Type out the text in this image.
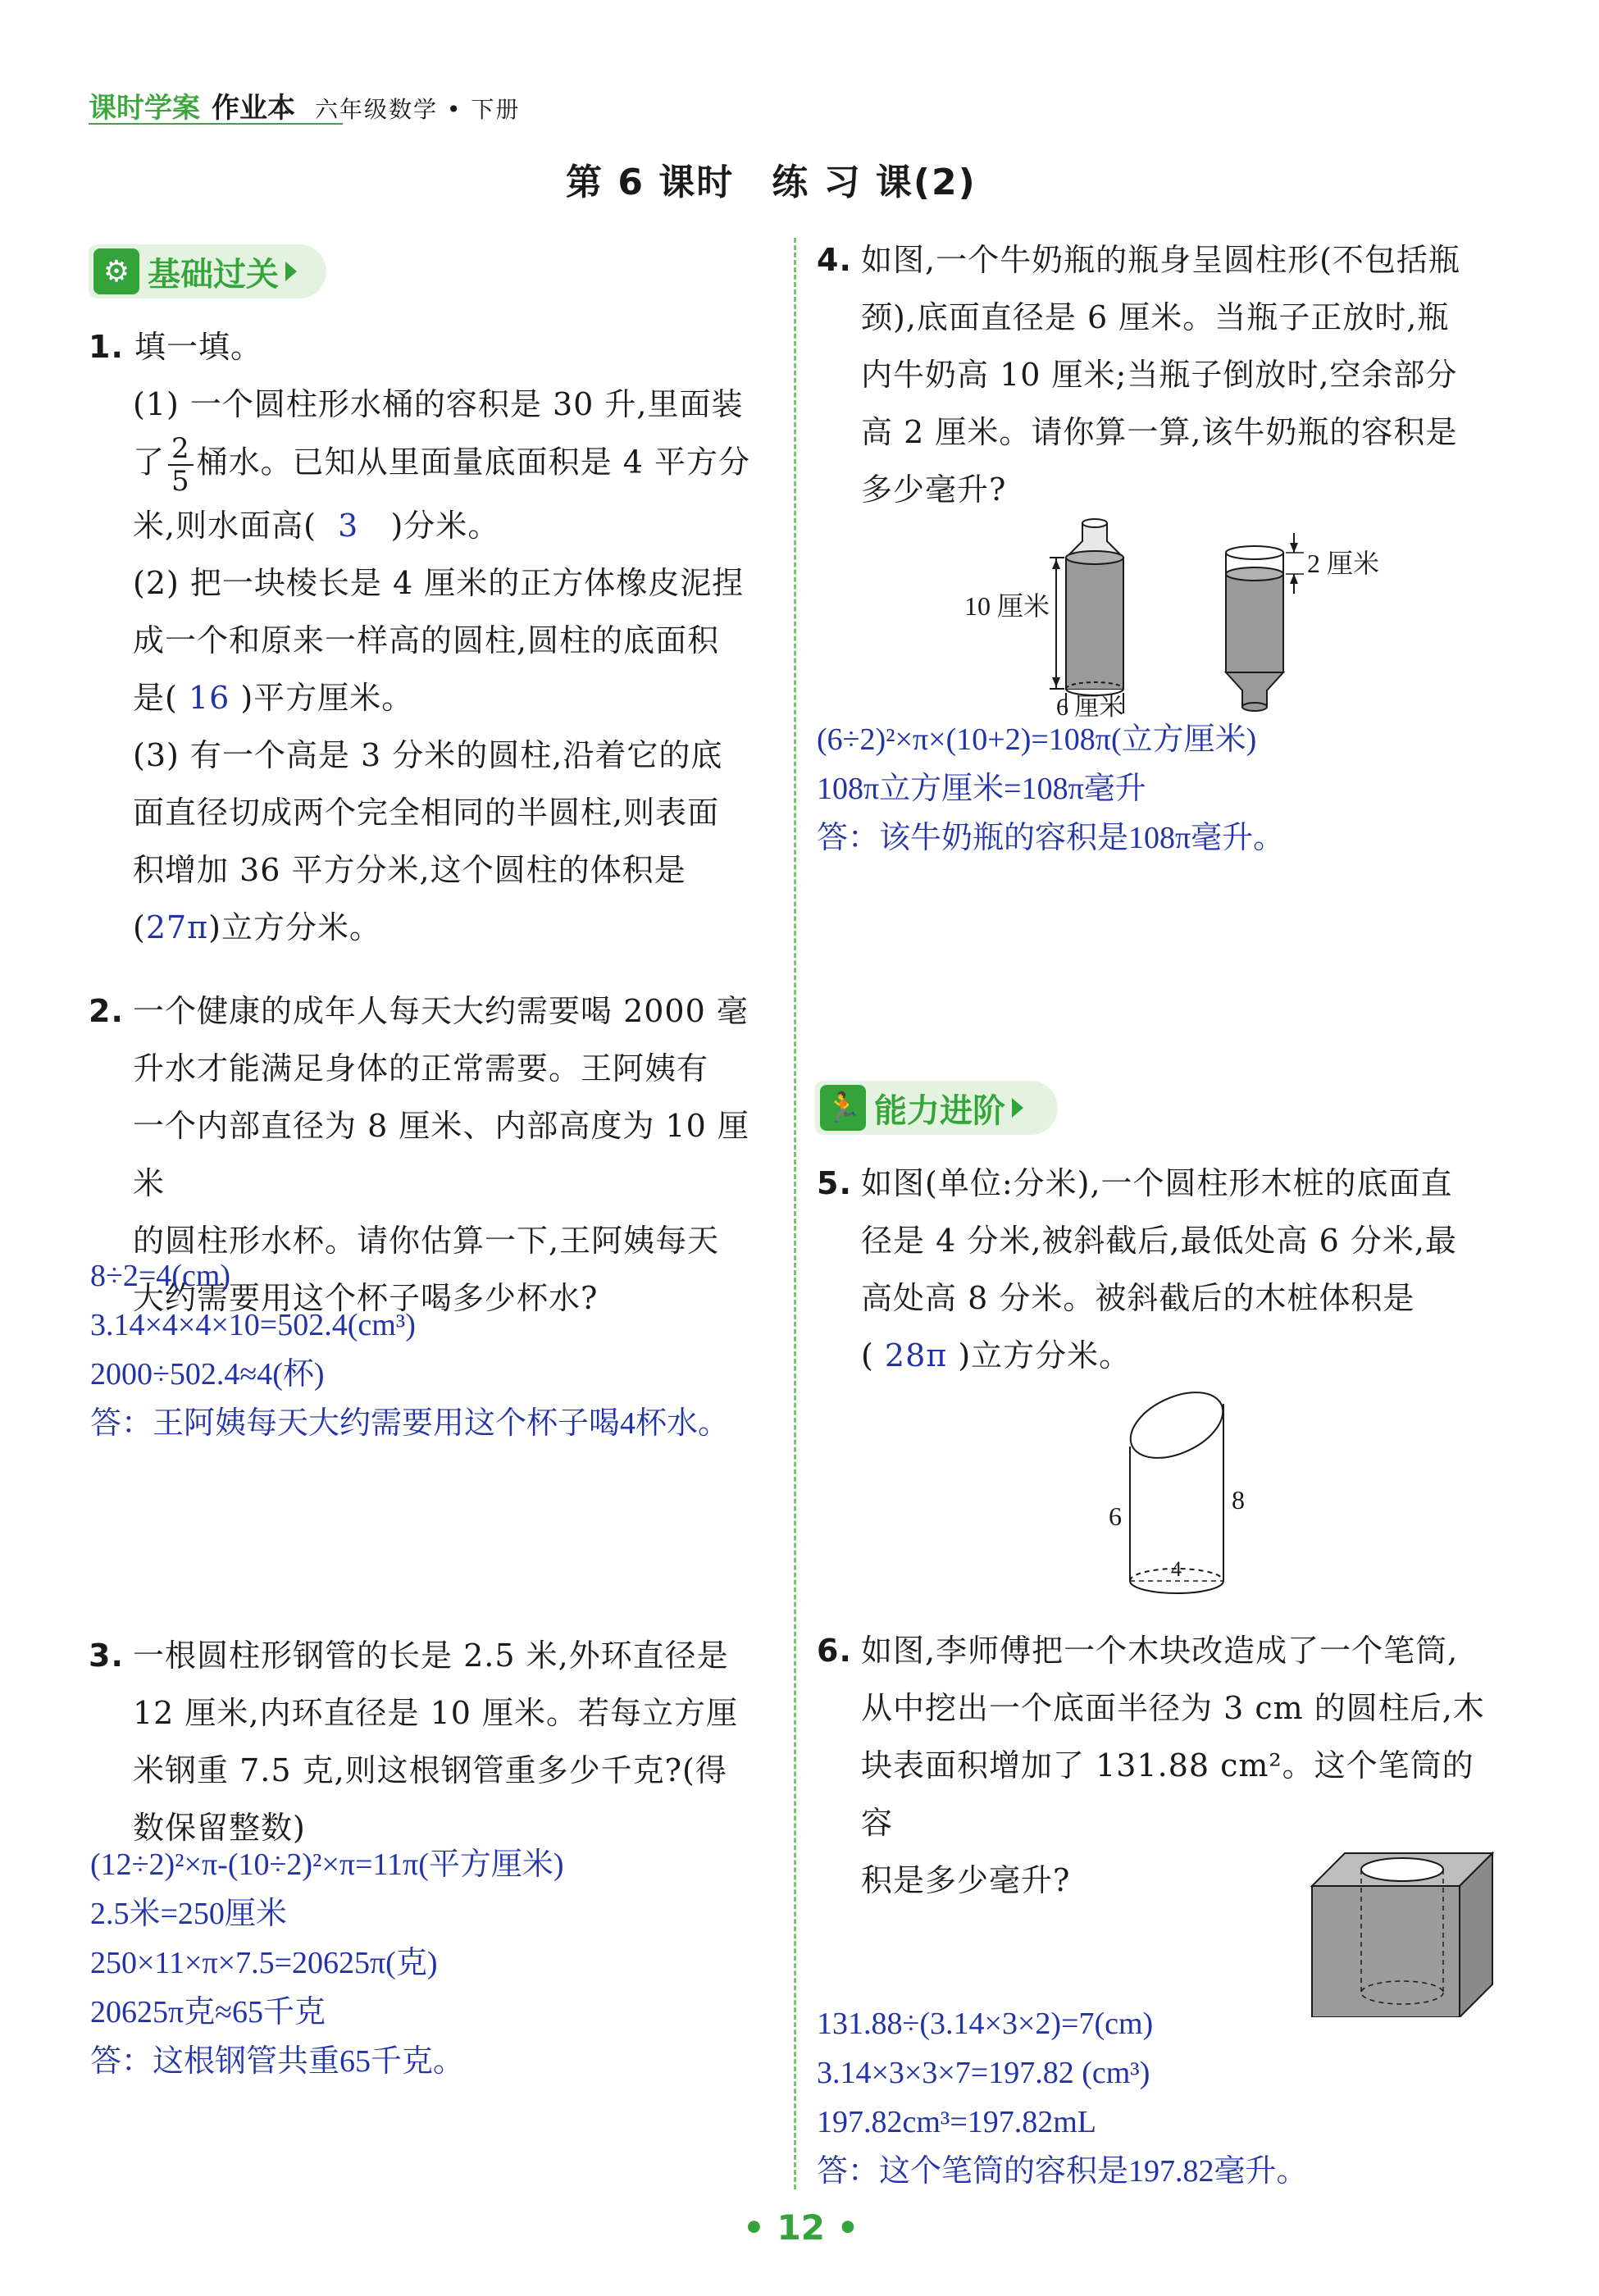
课时学案 作业本 六年级数学 • 下册
第 6 课时　练 习 课(2)
⚙ 基础过关
1. 填一填。
(1) 一个圆柱形水桶的容积是 30 升,里面装
了 $\frac{2}{5}$ 桶水。已知从里面量底面积是 4 平方分
米,则水面高( 3 )分米。
(2) 把一块棱长是 4 厘米的正方体橡皮泥捏
成一个和原来一样高的圆柱,圆柱的底面积
是( 16 )平方厘米。
(3) 有一个高是 3 分米的圆柱,沿着它的底
面直径切成两个完全相同的半圆柱,则表面
积增加 36 平方分米,这个圆柱的体积是
(27π)立方分米。
2. 一个健康的成年人每天大约需要喝 2000 毫
升水才能满足身体的正常需要。王阿姨有
一个内部直径为 8 厘米、内部高度为 10 厘米
的圆柱形水杯。请你估算一下,王阿姨每天
大约需要用这个杯子喝多少杯水?
8÷2=4(cm)
3.14×4×4×10=502.4(cm³)
2000÷502.4≈4(杯)
答：王阿姨每天大约需要用这个杯子喝4杯水。
3. 一根圆柱形钢管的长是 2.5 米,外环直径是
12 厘米,内环直径是 10 厘米。若每立方厘
米钢重 7.5 克,则这根钢管重多少千克?(得
数保留整数)
(12÷2)²×π-(10÷2)²×π=11π(平方厘米)
2.5米=250厘米
250×11×π×7.5=20625π(克)
20625π克≈65千克
答：这根钢管共重65千克。
4. 如图,一个牛奶瓶的瓶身呈圆柱形(不包括瓶
颈),底面直径是 6 厘米。当瓶子正放时,瓶
内牛奶高 10 厘米;当瓶子倒放时,空余部分
高 2 厘米。请你算一算,该牛奶瓶的容积是
多少毫升?
10 厘米
6 厘米
2 厘米
(6÷2)²×π×(10+2)=108π(立方厘米)
108π立方厘米=108π毫升
答：该牛奶瓶的容积是108π毫升。
🏃 能力进阶
5. 如图(单位:分米),一个圆柱形木桩的底面直
径是 4 分米,被斜截后,最低处高 6 分米,最
高处高 8 分米。被斜截后的木桩体积是
( 28π )立方分米。
6
8
4
6. 如图,李师傅把一个木块改造成了一个笔筒,
从中挖出一个底面半径为 3 cm 的圆柱后,木
块表面积增加了 131.88 cm²。这个笔筒的容
积是多少毫升?
131.88÷(3.14×3×2)=7(cm)
3.14×3×3×7=197.82 (cm³)
197.82cm³=197.82mL
答：这个笔筒的容积是197.82毫升。
• 12 •
